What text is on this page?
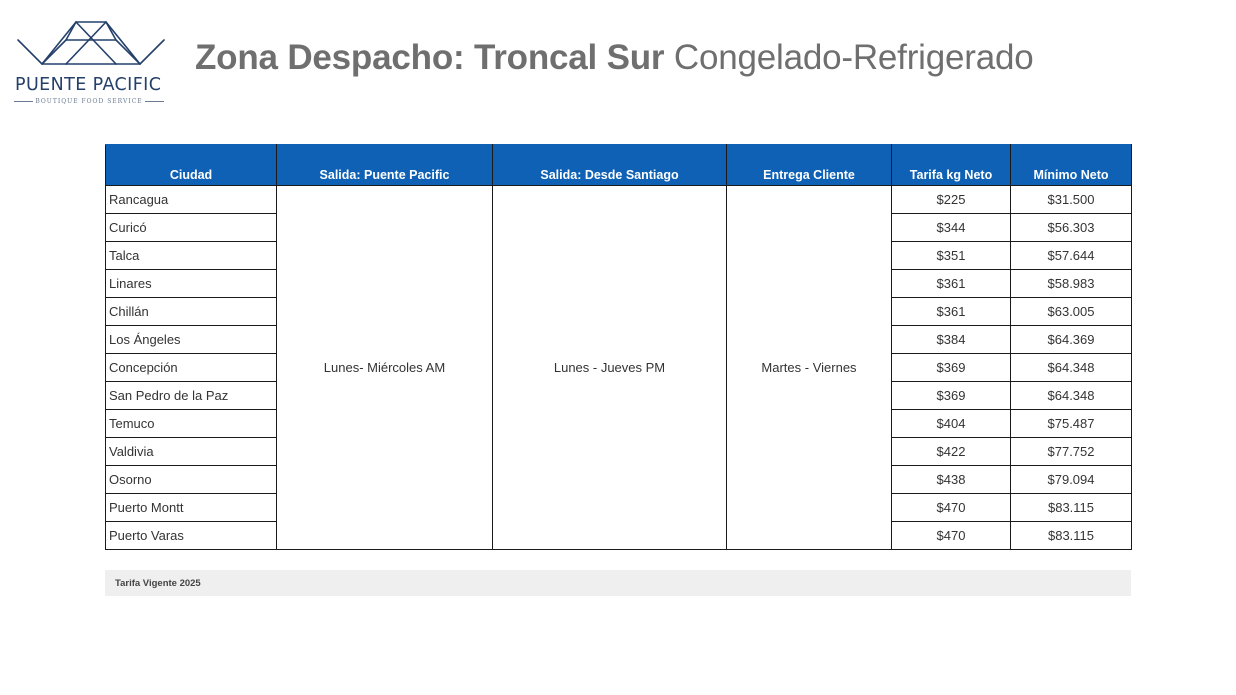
PUENTE PACIFIC
BOUTIQUE FOOD SERVICE
Zona Despacho: Troncal Sur Congelado-Refrigerado
Ciudad	Salida: Puente Pacific	Salida: Desde Santiago	Entrega Cliente	Tarifa kg Neto	Mínimo Neto
Rancagua	Lunes- Miércoles AM	Lunes - Jueves PM	Martes - Viernes	$225	$31.500
Curicó				$344	$56.303
Talca				$351	$57.644
Linares				$361	$58.983
Chillán				$361	$63.005
Los Ángeles				$384	$64.369
Concepción				$369	$64.348
San Pedro de la Paz				$369	$64.348
Temuco				$404	$75.487
Valdivia				$422	$77.752
Osorno				$438	$79.094
Puerto Montt				$470	$83.115
Puerto Varas				$470	$83.115
Tarifa Vigente 2025
